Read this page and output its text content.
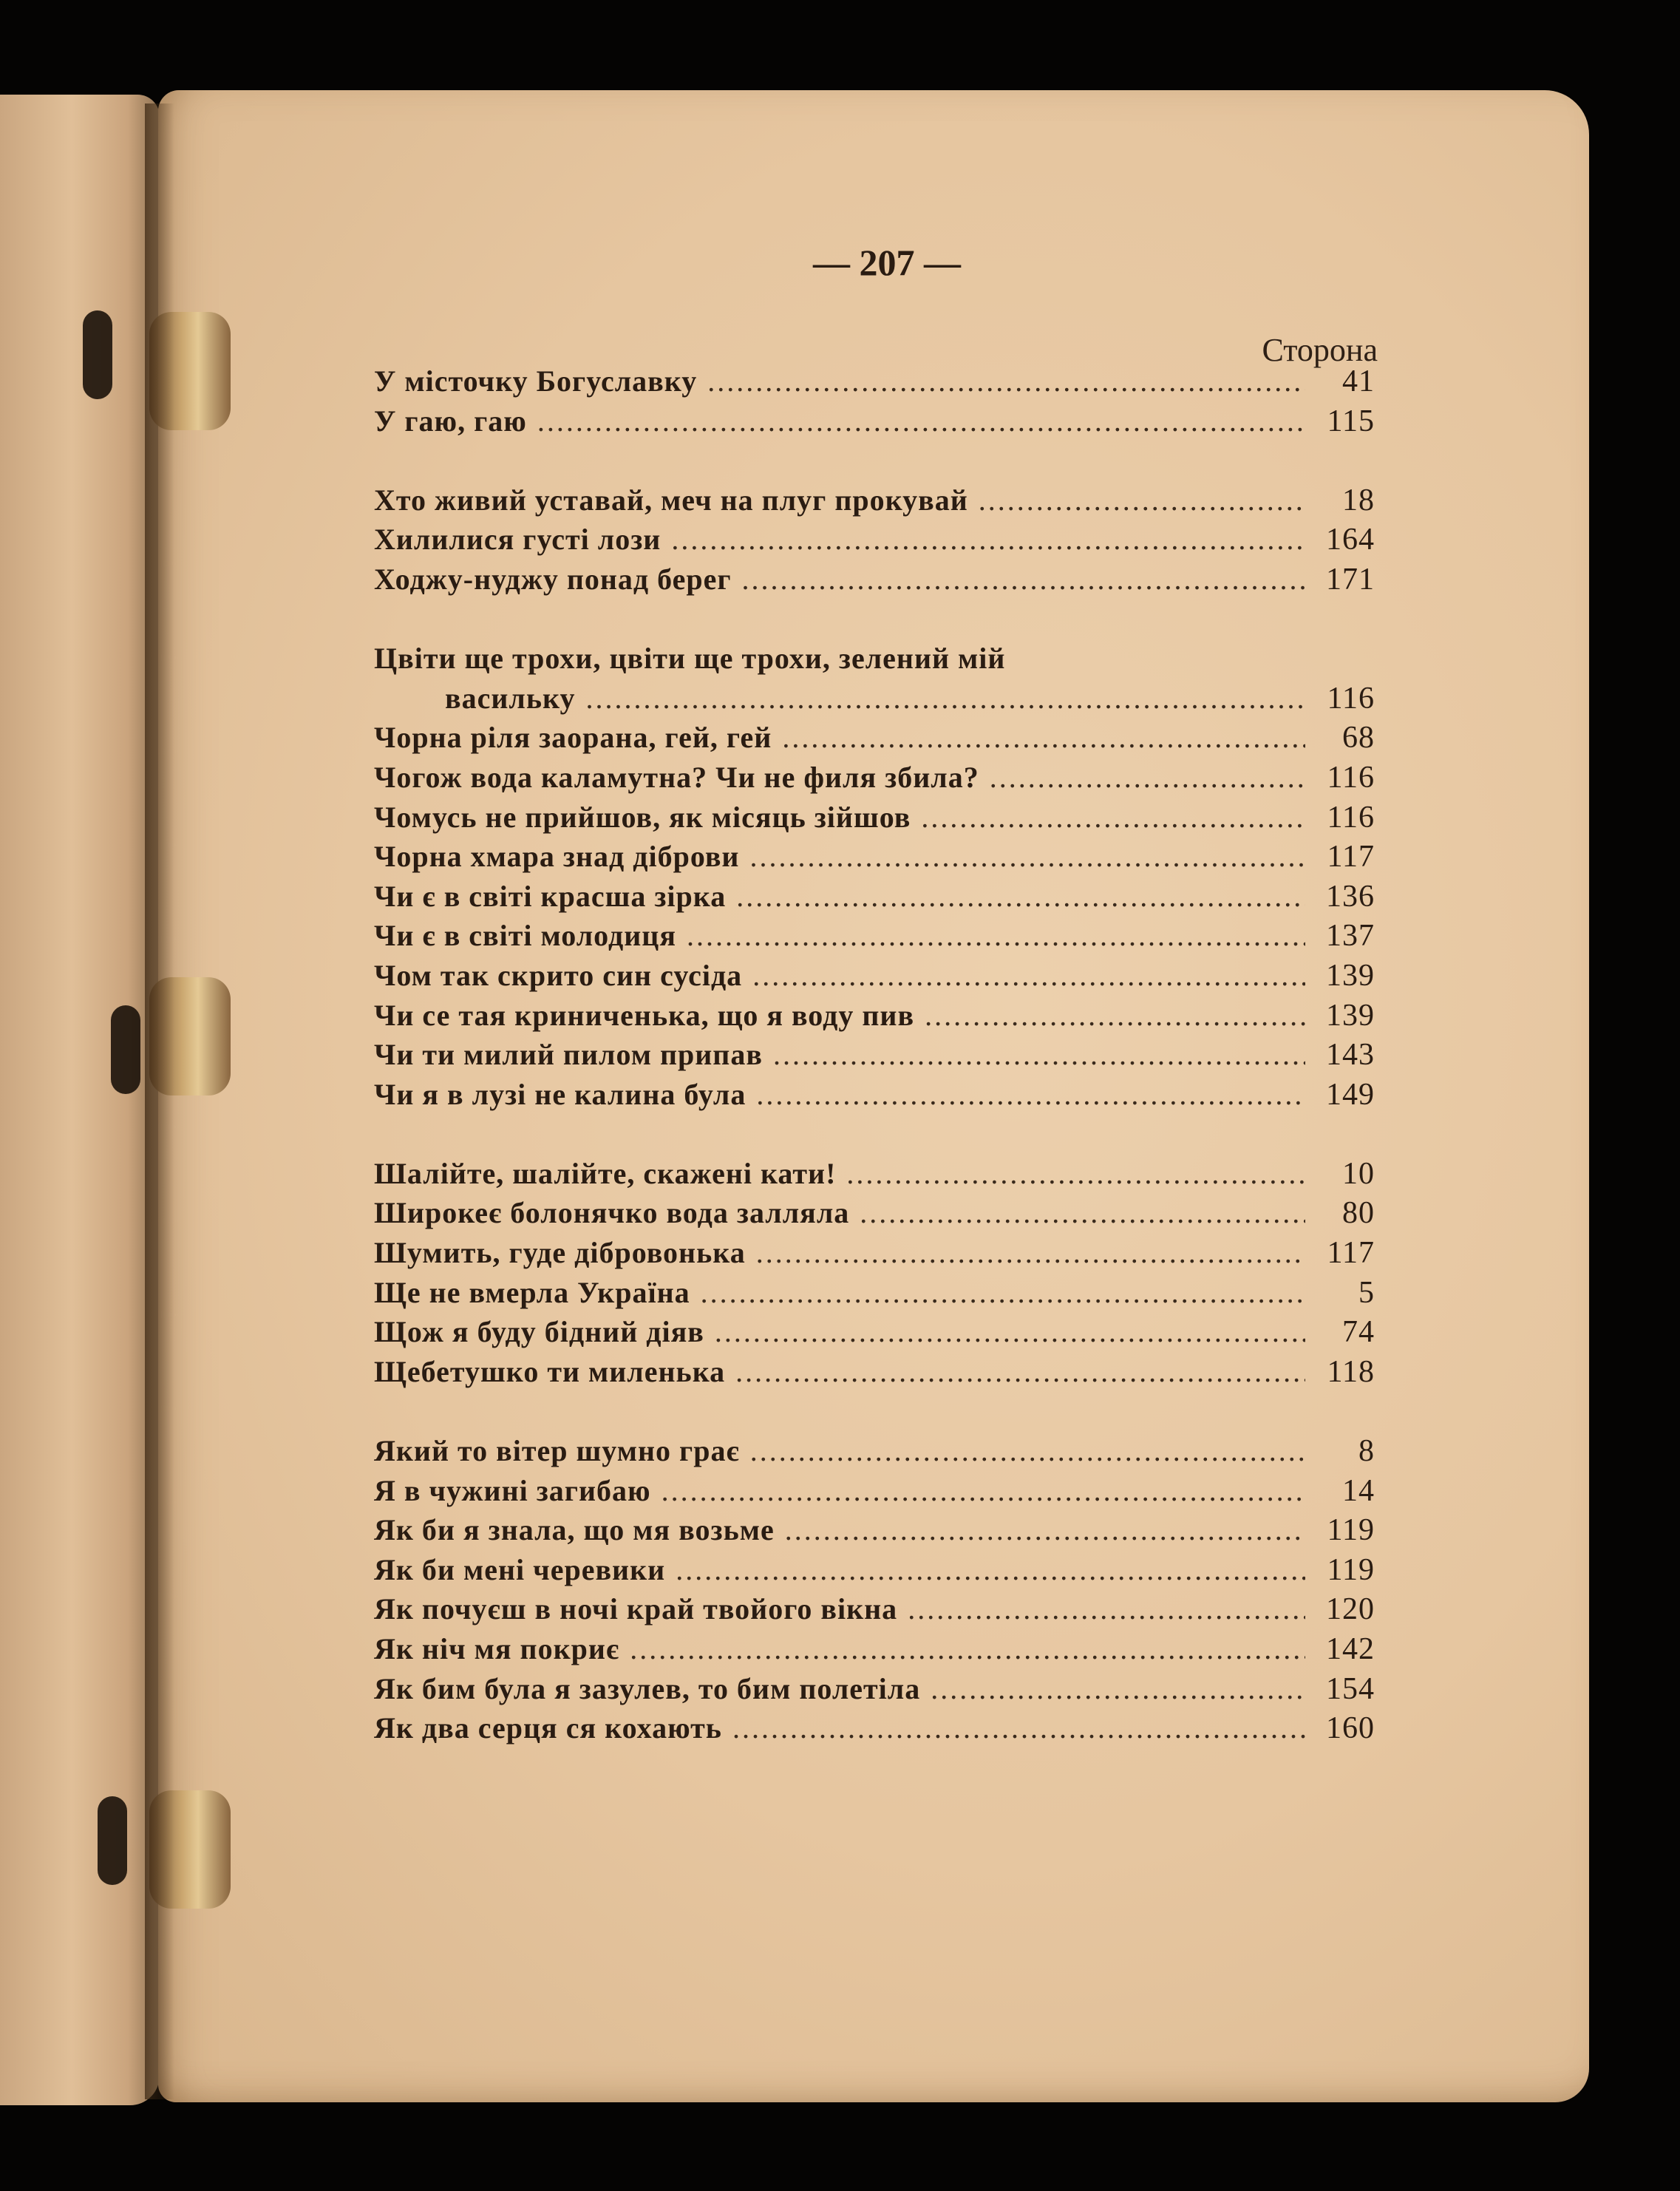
— 207 —
Сторона
У місточку Богуславку .....	41
У гаю, гаю .....	115
Хто живий уставай, меч на плуг прокувай .....	18
Хилилися густі лози .....	164
Ходжу-нуджу понад берег .....	171
Цвіти ще трохи, цвіти ще трохи, зелений мій
васильку .....	116
Чорна ріля заорана, гей, гей .....	68
Чогож вода каламутна? Чи не филя збила? .....	116
Чомусь не прийшов, як місяць зійшов .....	116
Чорна хмара знад діброви .....	117
Чи є в світі красша зірка .....	136
Чи є в світі молодиця .....	137
Чом так скрито син сусіда .....	139
Чи се тая криниченька, що я воду пив .....	139
Чи ти милий пилом припав .....	143
Чи я в лузі не калина була .....	149
Шалійте, шалійте, скажені кати! .....	10
Широкеє болонячко вода залляла .....	80
Шумить, гуде дібровонька .....	117
Ще не вмерла Україна .....	5
Щож я буду бідний діяв .....	74
Щебетушко ти миленька .....	118
Який то вітер шумно грає .....	8
Я в чужині загибаю .....	14
Як би я знала, що мя возьме .....	119
Як би мені черевики .....	119
Як почуєш в ночі край твойого вікна .....	120
Як ніч мя покриє .....	142
Як бим була я зазулев, то бим полетіла .....	154
Як два серця ся кохають .....	160
